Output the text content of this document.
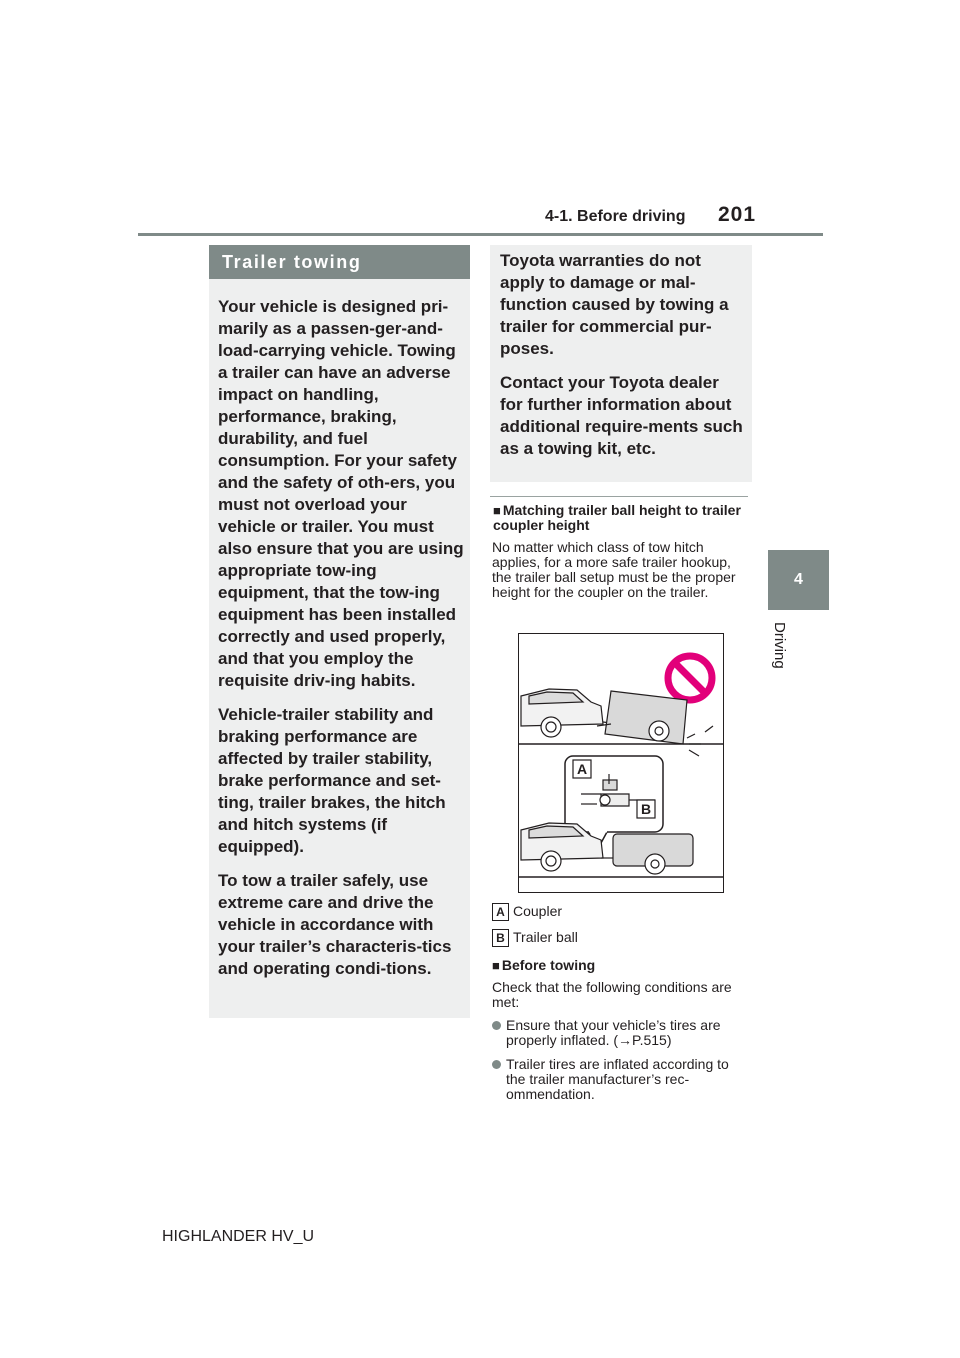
4-1. Before driving 201
4
Driving
Trailer towing

Your vehicle is designed pri-marily as a passen-ger-and-load-carrying vehicle. Towing a trailer can have an adverse impact on handling, performance, braking, durability, and fuel consumption. For your safety and the safety of oth-ers, you must not overload your vehicle or trailer. You must also ensure that you are using appropriate tow-ing equipment, that the tow-ing equipment has been installed correctly and used properly, and that you employ the requisite driv-ing habits.

Vehicle-trailer stability and braking performance are affected by trailer stability, brake performance and set-ting, trailer brakes, the hitch and hitch systems (if equipped).

To tow a trailer safely, use extreme care and drive the vehicle in accordance with your trailer’s characteris-tics and operating condi-tions.

Toyota warranties do not apply to damage or mal-function caused by towing a trailer for commercial pur-poses.

Contact your Toyota dealer for further information about additional require-ments such as a towing kit, etc.

■ Matching trailer ball height to trailer coupler height
No matter which class of tow hitch applies, for a more safe trailer hookup, the trailer ball setup must be the proper height for the coupler on the trailer.
A
B
A Coupler
B Trailer ball
■ Before towing
Check that the following conditions are met:
Ensure that your vehicle’s tires are properly inflated. (→P.515)
Trailer tires are inflated according to the trailer manufacturer’s rec-ommendation.
HIGHLANDER HV_U
